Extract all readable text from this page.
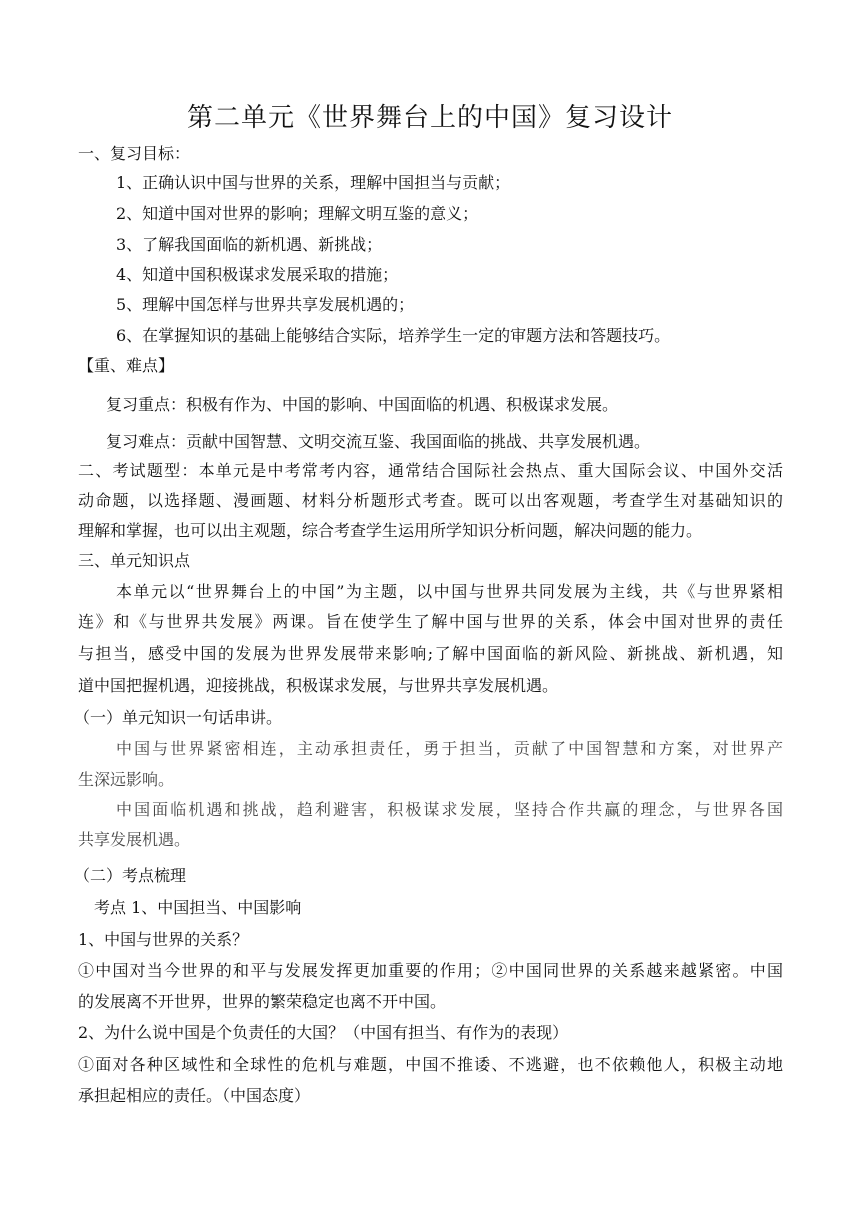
第二单元《世界舞台上的中国》复习设计
一、复习目标：
1、正确认识中国与世界的关系，理解中国担当与贡献；
2、知道中国对世界的影响；理解文明互鉴的意义；
3、了解我国面临的新机遇、新挑战；
4、知道中国积极谋求发展采取的措施；
5、理解中国怎样与世界共享发展机遇的；
6、在掌握知识的基础上能够结合实际，培养学生一定的审题方法和答题技巧。
【重、难点】
复习重点：积极有作为、中国的影响、中国面临的机遇、积极谋求发展。
复习难点：贡献中国智慧、文明交流互鉴、我国面临的挑战、共享发展机遇。
二、考试题型：本单元是中考常考内容，通常结合国际社会热点、重大国际会议、中国外交活
动命题，以选择题、漫画题、材料分析题形式考查。既可以出客观题，考查学生对基础知识的
理解和掌握，也可以出主观题，综合考查学生运用所学知识分析问题，解决问题的能力。
三、单元知识点
本单元以“世界舞台上的中国”为主题，以中国与世界共同发展为主线，共《与世界紧相
连》和《与世界共发展》两课。旨在使学生了解中国与世界的关系，体会中国对世界的责任
与担当，感受中国的发展为世界发展带来影响;了解中国面临的新风险、新挑战、新机遇，知
道中国把握机遇，迎接挑战，积极谋求发展，与世界共享发展机遇。
（一）单元知识一句话串讲。
中国与世界紧密相连，主动承担责任，勇于担当，贡献了中国智慧和方案，对世界产
生深远影响。
中国面临机遇和挑战，趋利避害，积极谋求发展，坚持合作共赢的理念，与世界各国
共享发展机遇。
（二）考点梳理
考点 1、中国担当、中国影响
1、中国与世界的关系？
①中国对当今世界的和平与发展发挥更加重要的作用；②中国同世界的关系越来越紧密。中国
的发展离不开世界，世界的繁荣稳定也离不开中国。
2、为什么说中国是个负责任的大国？（中国有担当、有作为的表现）
①面对各种区域性和全球性的危机与难题，中国不推诿、不逃避，也不依赖他人，积极主动地
承担起相应的责任。（中国态度）
